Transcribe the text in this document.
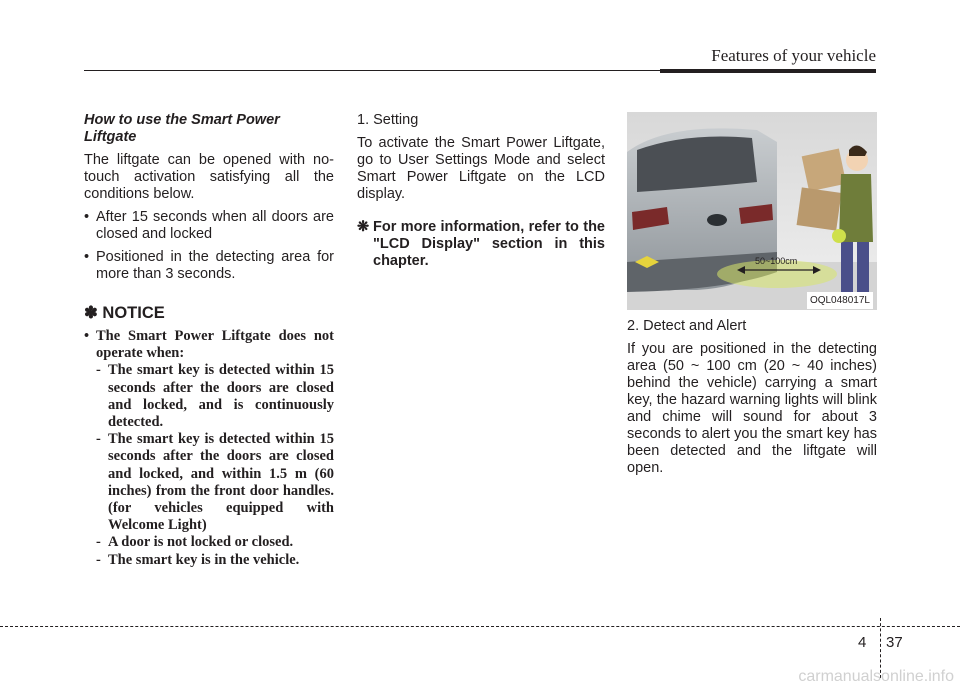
Features of your vehicle
How to use the Smart Power Liftgate

The liftgate can be opened with no-touch activation satisfying all the conditions below.

• After 15 seconds when all doors are closed and locked
• Positioned in the detecting area for more than 3 seconds.
✽ NOTICE
• The Smart Power Liftgate does not operate when:
- The smart key is detected within 15 seconds after the doors are closed and locked, and is continuously detected.
- The smart key is detected within 15 seconds after the doors are closed and locked, and within 1.5 m (60 inches) from the front door handles. (for vehicles equipped with Welcome Light)
- A door is not locked or closed.
- The smart key is in the vehicle.

1. Setting

To activate the Smart Power Liftgate, go to User Settings Mode and select Smart Power Liftgate on the LCD display.

❋ For more information, refer to the "LCD Display" section in this chapter.	50~100cm
OQL048017L

2. Detect and Alert

If you are positioned in the detecting area (50 ~ 100 cm (20 ~ 40 inches) behind the vehicle) carrying a smart key, the hazard warning lights will blink and chime will sound for about 3 seconds to alert you the smart key has been detected and the liftgate will open.

4 37
carmanualsonline.info
